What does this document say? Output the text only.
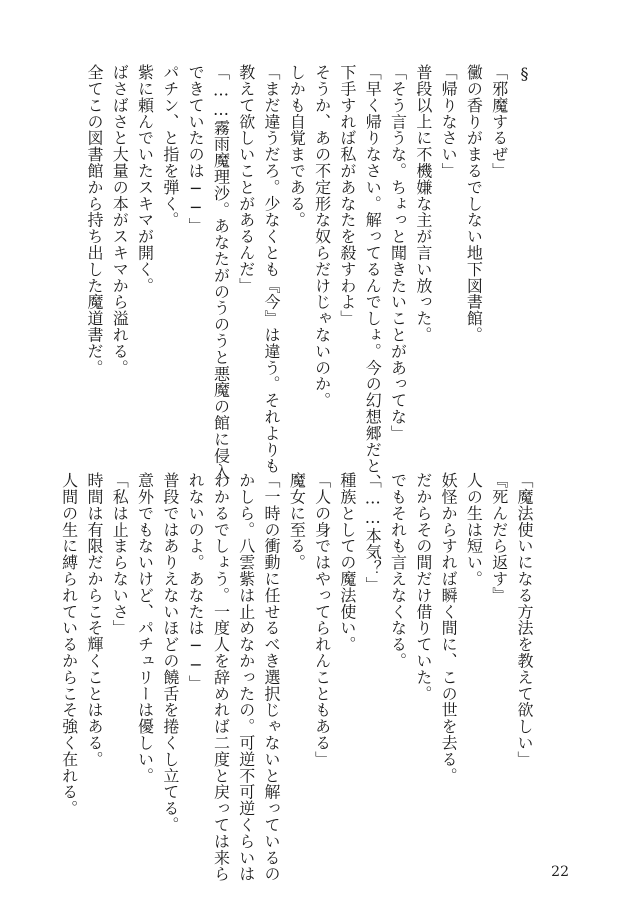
§

「邪魔するぜ」

黴の香りがまるでしない地下図書館。

「帰りなさい」

普段以上に不機嫌な主が言い放った。

「そう言うな。ちょっと聞きたいことがあってな」

「早く帰りなさい。解ってるんでしょ。今の幻想郷だと、

下手すれば私があなたを殺すわよ」

そうか、あの不定形な奴らだけじゃないのか。

しかも自覚まである。

「まだ違うだろ。少なくとも『今』は違う。それよりも

教えて欲しいことがあるんだ」

「……霧雨魔理沙。あなたがのうのうと悪魔の館に侵入

できていたのは──」

パチン、と指を弾く。

紫に頼んでいたスキマが開く。

ばさばさと大量の本がスキマから溢れる。

全てこの図書館から持ち出した魔道書だ。

「魔法使いになる方法を教えて欲しい」

『死んだら返す』

人の生は短い。

妖怪からすれば瞬く間に、この世を去る。

だからその間だけ借りていた。

でもそれも言えなくなる。

「……本気？」

種族としての魔法使い。

「人の身ではやってられんこともある」

魔女に至る。

「一時の衝動に任せるべき選択じゃないと解っているの

かしら。八雲紫は止めなかったの。可逆不可逆くらいは

わかるでしょう。一度人を辞めれば二度と戻っては来ら

れないのよ。あなたは──」

普段ではありえないほどの饒舌を捲くし立てる。

意外でもないけど、パチュリーは優しい。

「私は止まらないさ」

時間は有限だからこそ輝くことはある。

人間の生に縛られているからこそ強く在れる。

22
